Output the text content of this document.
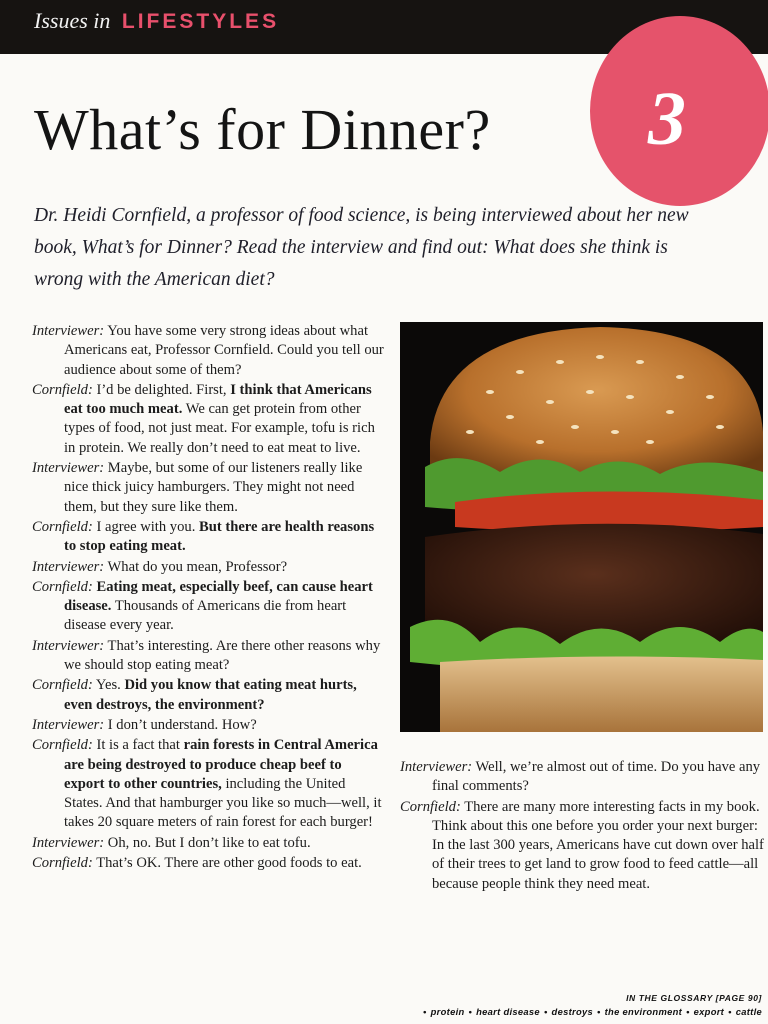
Issues in LIFESTYLES
3
What’s for Dinner?

Dr. Heidi Cornfield, a professor of food science, is being interviewed about her new book, What’s for Dinner? Read the interview and find out: What does she think is wrong with the American diet?

Interviewer: You have some very strong ideas about what Americans eat, Professor Cornfield. Could you tell our audience about some of them?

Cornfield: I’d be delighted. First, I think that Americans eat too much meat. We can get protein from other types of food, not just meat. For example, tofu is rich in protein. We really don’t need to eat meat to live.

Interviewer: Maybe, but some of our listeners really like nice thick juicy hamburgers. They might not need them, but they sure like them.

Cornfield: I agree with you. But there are health reasons to stop eating meat.

Interviewer: What do you mean, Professor?

Cornfield: Eating meat, especially beef, can cause heart disease. Thousands of Americans die from heart disease every year.

Interviewer: That’s interesting. Are there other reasons why we should stop eating meat?

Cornfield: Yes. Did you know that eating meat hurts, even destroys, the environment?

Interviewer: I don’t understand. How?

Cornfield: It is a fact that rain forests in Central America are being destroyed to produce cheap beef to export to other countries, including the United States. And that hamburger you like so much—well, it takes 20 square meters of rain forest for each burger!

Interviewer: Oh, no. But I don’t like to eat tofu.

Cornfield: That’s OK. There are other good foods to eat.

Interviewer: Well, we’re almost out of time. Do you have any final comments?

Cornfield: There are many more interesting facts in my book. Think about this one before you order your next burger: In the last 300 years, Americans have cut down over half of their trees to get land to grow food to feed cattle—all because people think they need meat.

IN THE GLOSSARY [PAGE 90]
• protein • heart disease • destroys • the environment • export • cattle
